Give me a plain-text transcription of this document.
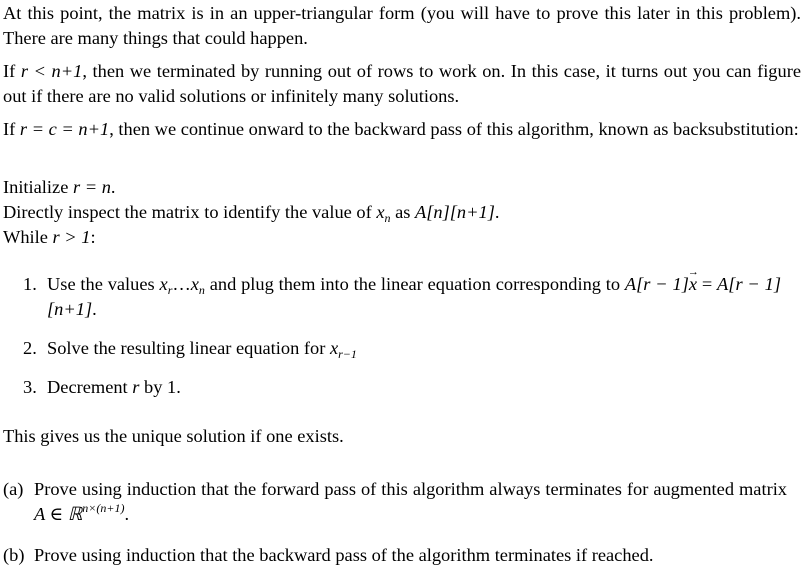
At this point, the matrix is in an upper-triangular form (you will have to prove this later in this problem). There are many things that could happen.

If r < n+1, then we terminated by running out of rows to work on. In this case, it turns out you can figure out if there are no valid solutions or infinitely many solutions.

If r = c = n+1, then we continue onward to the backward pass of this algorithm, known as backsubstitution:

Initialize r = n.

Directly inspect the matrix to identify the value of $x_n$ as A[n][n+1].

While r > 1:

1. Use the values $x_r\dots x_n$ and plug them into the linear equation corresponding to A[r − 1]→ x = A[r − 1][n+1].
2. Solve the resulting linear equation for $x_{r-1}$
3. Decrement r by 1.

This gives us the unique solution if one exists.

(a) Prove using induction that the forward pass of this algorithm always terminates for augmented matrix A ∈ ℝ$^{n\times(n+1)}$.
(b) Prove using induction that the backward pass of the algorithm terminates if reached.
